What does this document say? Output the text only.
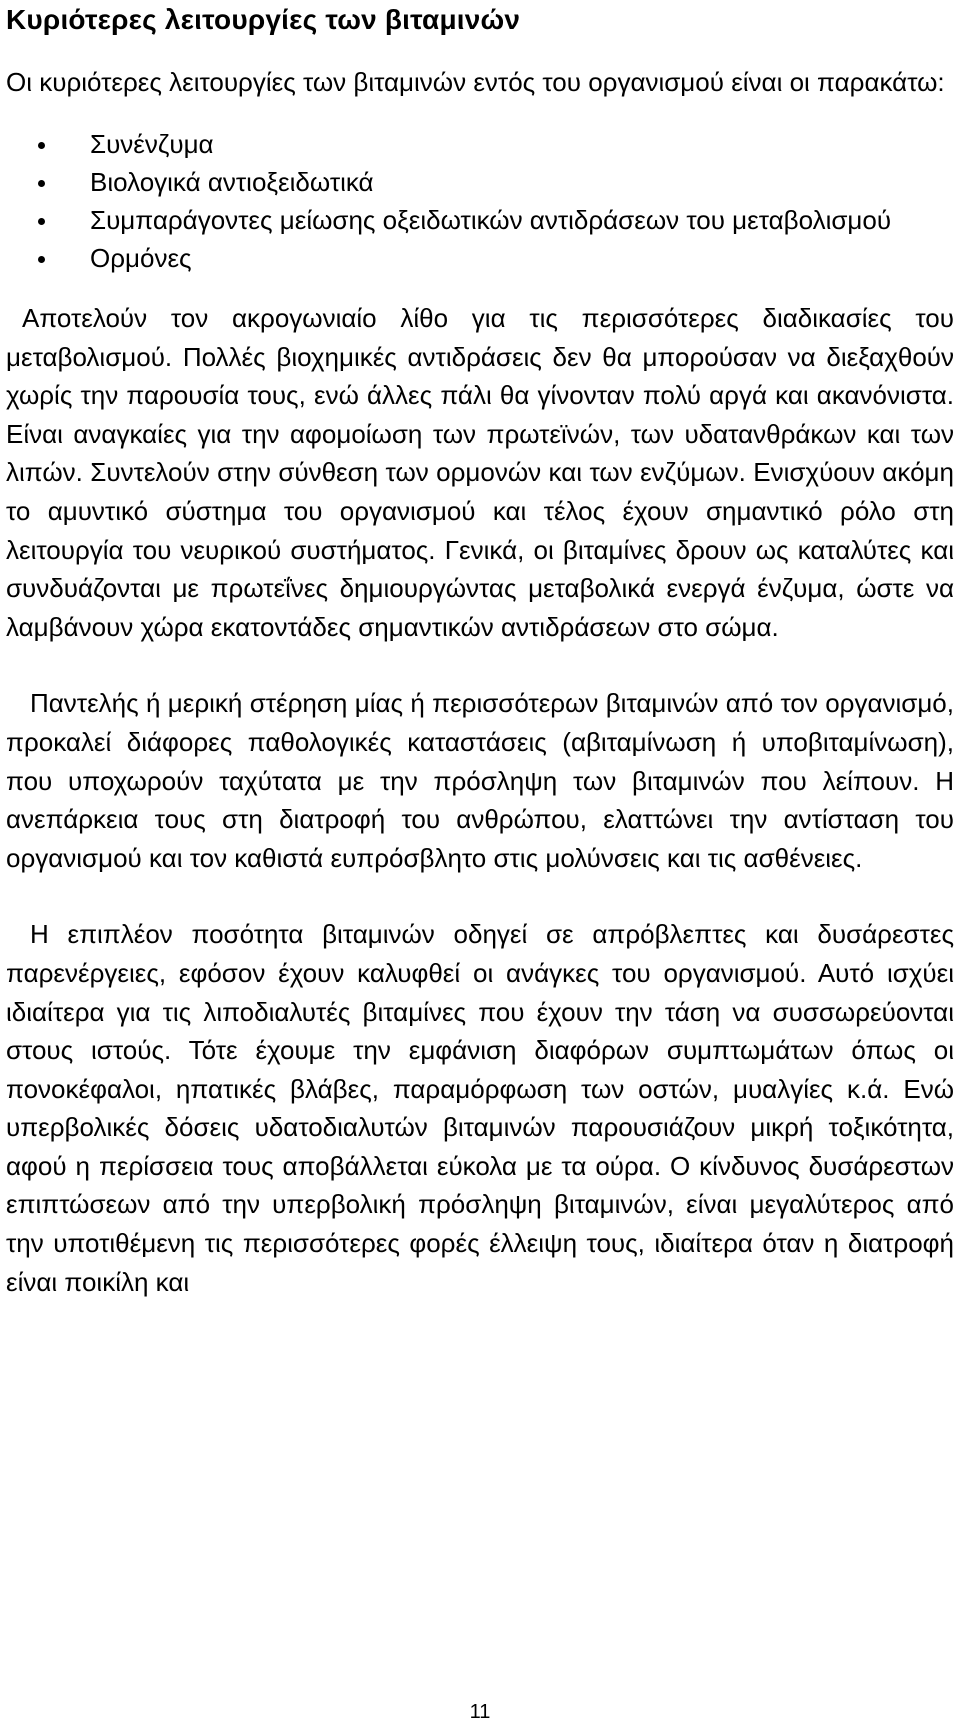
Κυριότερες λειτουργίες των βιταμινών

Οι κυριότερες λειτουργίες των βιταμινών εντός του οργανισμού είναι οι παρακάτω:

Συνένζυμα
Βιολογικά αντιοξειδωτικά
Συμπαράγοντες μείωσης οξειδωτικών αντιδράσεων του μεταβολισμού
Ορμόνες

Αποτελούν τον ακρογωνιαίο λίθο για τις περισσότερες διαδικασίες του μεταβολισμού. Πολλές βιοχημικές αντιδράσεις δεν θα μπορούσαν να διεξαχθούν χωρίς την παρουσία τους, ενώ άλλες πάλι θα γίνονταν πολύ αργά και ακανόνιστα. Είναι αναγκαίες για την αφομοίωση των πρωτεϊνών, των υδατανθράκων και των λιπών. Συντελούν στην σύνθεση των ορμονών και των ενζύμων. Ενισχύουν ακόμη το αμυντικό σύστημα του οργανισμού και τέλος έχουν σημαντικό ρόλο στη λειτουργία του νευρικού συστήματος. Γενικά, οι βιταμίνες δρουν ως καταλύτες και συνδυάζονται με πρωτεΐνες δημιουργώντας μεταβολικά ενεργά ένζυμα, ώστε να λαμβάνουν χώρα εκατοντάδες σημαντικών αντιδράσεων στο σώμα.

Παντελής ή μερική στέρηση μίας ή περισσότερων βιταμινών από τον οργανισμό, προκαλεί διάφορες παθολογικές καταστάσεις (αβιταμίνωση ή υποβιταμίνωση), που υποχωρούν ταχύτατα με την πρόσληψη των βιταμινών που λείπουν. Η ανεπάρκεια τους στη διατροφή του ανθρώπου, ελαττώνει την αντίσταση του οργανισμού και τον καθιστά ευπρόσβλητο στις μολύνσεις και τις ασθένειες.

Η επιπλέον ποσότητα βιταμινών οδηγεί σε απρόβλεπτες και δυσάρεστες παρενέργειες, εφόσον έχουν καλυφθεί οι ανάγκες του οργανισμού. Αυτό ισχύει ιδιαίτερα για τις λιποδιαλυτές βιταμίνες που έχουν την τάση να συσσωρεύονται στους ιστούς. Τότε έχουμε την εμφάνιση διαφόρων συμπτωμάτων όπως οι πονοκέφαλοι, ηπατικές βλάβες, παραμόρφωση των οστών, μυαλγίες κ.ά. Ενώ υπερβολικές δόσεις υδατοδιαλυτών βιταμινών παρουσιάζουν μικρή τοξικότητα, αφού η περίσσεια τους αποβάλλεται εύκολα με τα ούρα. Ο κίνδυνος δυσάρεστων επιπτώσεων από την υπερβολική πρόσληψη βιταμινών, είναι μεγαλύτερος από την υποτιθέμενη τις περισσότερες φορές έλλειψη τους, ιδιαίτερα όταν η διατροφή είναι ποικίλη και

11
